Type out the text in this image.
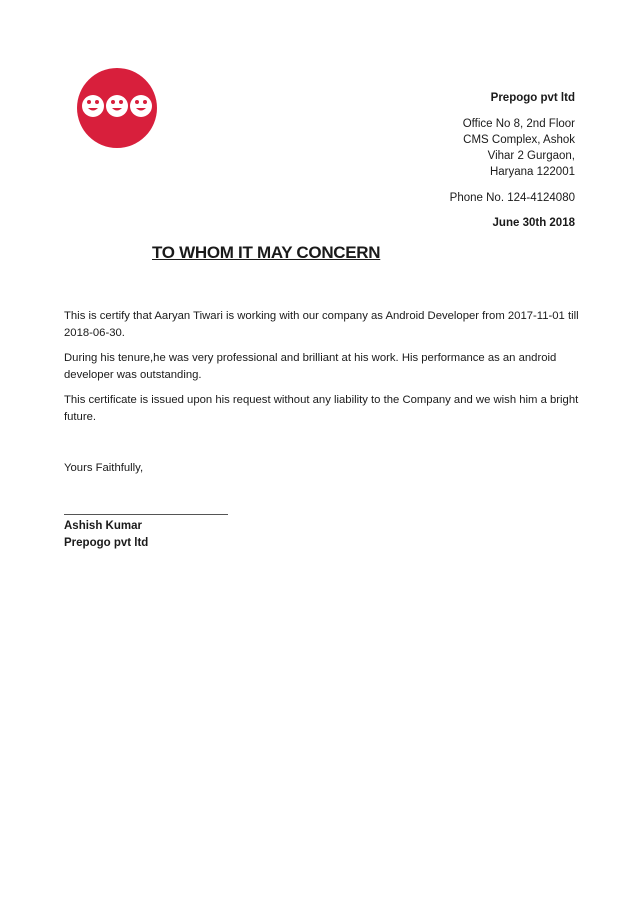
Prepogo pvt ltd

Office No 8, 2nd Floor

CMS Complex, Ashok

Vihar 2 Gurgaon,

Haryana 122001

Phone No. 124-4124080

June 30th 2018

TO WHOM IT MAY CONCERN

This is certify that Aaryan Tiwari is working with our company as Android Developer from 2017-11-01 till 2018-06-30.

During his tenure,he was very professional and brilliant at his work. His performance as an android developer was outstanding.

This certificate is issued upon his request without any liability to the Company and we wish him a bright future.

Yours Faithfully,

Ashish Kumar

Prepogo pvt ltd
